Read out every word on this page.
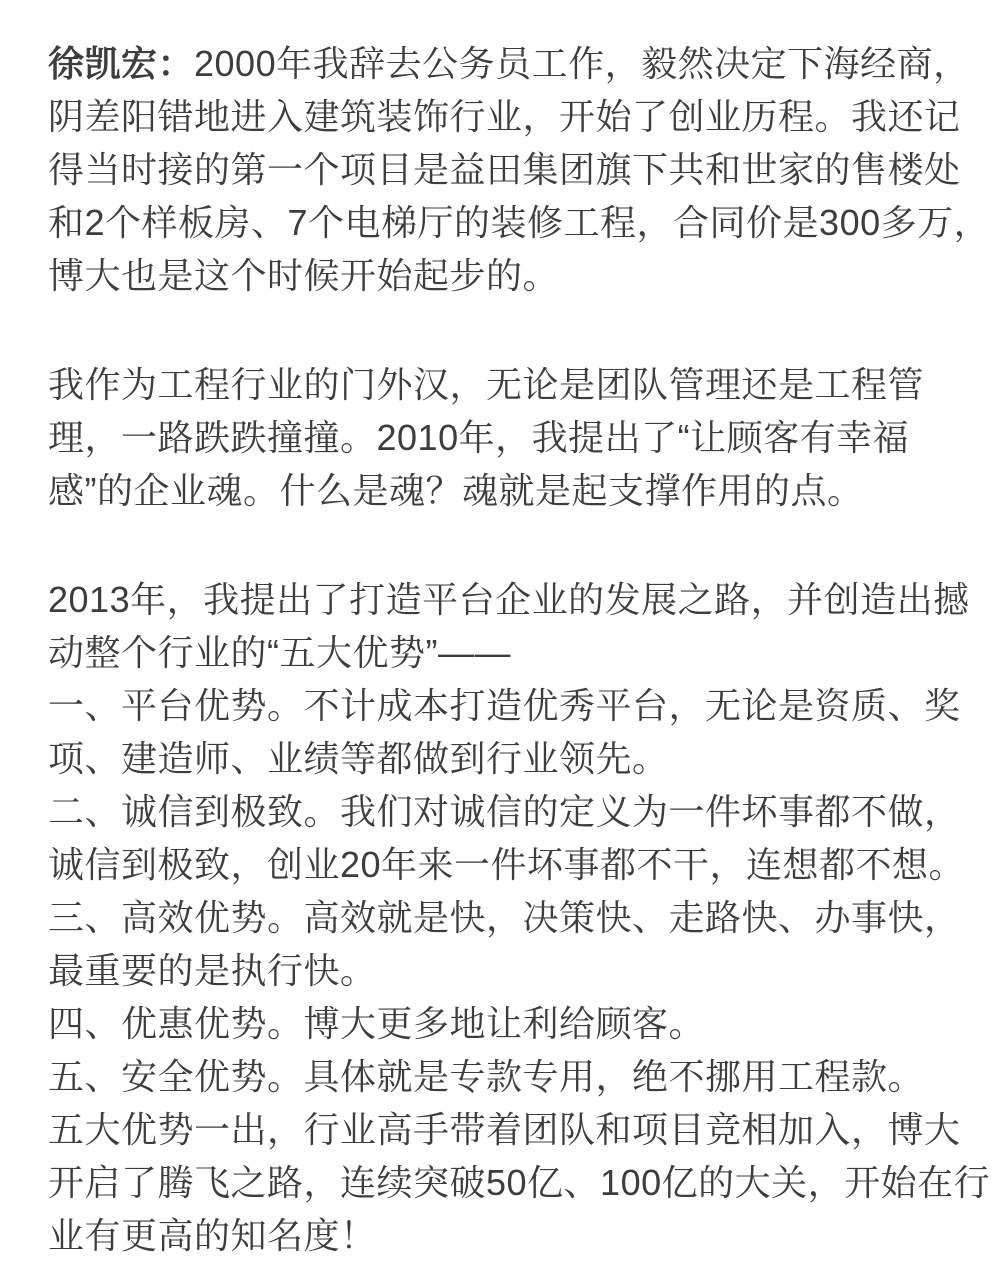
徐凯宏：2000年我辞去公务员工作，毅然决定下海经商，
阴差阳错地进入建筑装饰行业，开始了创业历程。我还记
得当时接的第一个项目是益田集团旗下共和世家的售楼处
和2个样板房、7个电梯厅的装修工程，合同价是300多万，
博大也是这个时候开始起步的。
我作为工程行业的门外汉，无论是团队管理还是工程管
理，一路跌跌撞撞。2010年，我提出了“让顾客有幸福
感”的企业魂。什么是魂？魂就是起支撑作用的点。
2013年，我提出了打造平台企业的发展之路，并创造出撼
动整个行业的“五大优势”——
一、平台优势。不计成本打造优秀平台，无论是资质、奖
项、建造师、业绩等都做到行业领先。
二、诚信到极致。我们对诚信的定义为一件坏事都不做，
诚信到极致，创业20年来一件坏事都不干，连想都不想。
三、高效优势。高效就是快，决策快、走路快、办事快，
最重要的是执行快。
四、优惠优势。博大更多地让利给顾客。
五、安全优势。具体就是专款专用，绝不挪用工程款。
五大优势一出，行业高手带着团队和项目竞相加入，博大
开启了腾飞之路，连续突破50亿、100亿的大关，开始在行
业有更高的知名度！
